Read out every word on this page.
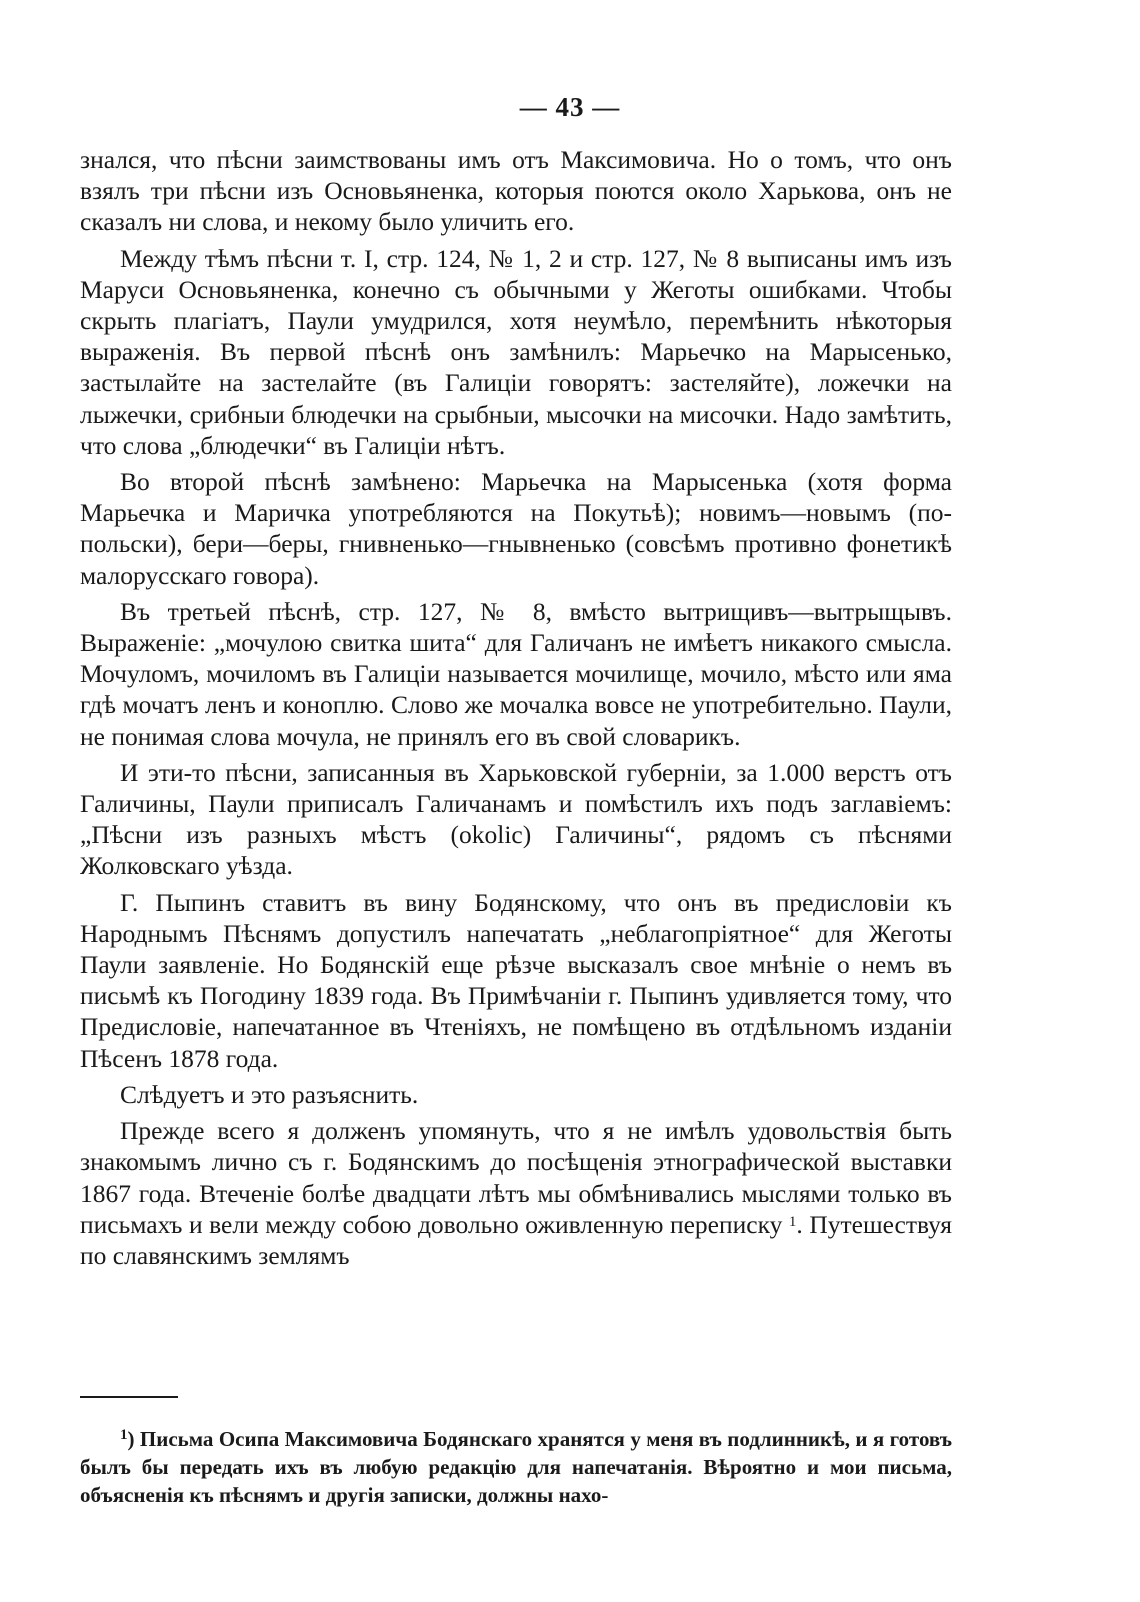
— 43 —

знался, что пѣсни заимствованы имъ отъ Максимовича. Но о томъ, что онъ взялъ три пѣсни изъ Основьяненка, которыя поются около Харькова, онъ не сказалъ ни слова, и некому было уличить его.

Между тѣмъ пѣсни т. I, стр. 124, № 1, 2 и стр. 127, № 8 выписаны имъ изъ Маруси Основьяненка, конечно съ обычными у Жеготы ошибками. Чтобы скрыть плагіатъ, Паули умудрился, хотя неумѣло, перемѣнить нѣкоторыя выраженія. Въ первой пѣснѣ онъ замѣнилъ: Марьечко на Марысенько, застылайте на застелайте (въ Галиціи говорятъ: застеляйте), ложечки на лыжечки, срибныи блюдечки на срыбныи, мысочки на мисочки. Надо замѣтить, что слова „блюдечки“ въ Галиціи нѣтъ.

Во второй пѣснѣ замѣнено: Марьечка на Марысенька (хотя форма Марьечка и Маричка употребляются на Покутьѣ); новимъ—новымъ (по-польски), бери—беры, гнивненько—гнывненько (совсѣмъ противно фонетикѣ малорусскаго говора).

Въ третьей пѣснѣ, стр. 127, № 8, вмѣсто вытрищивъ—вытрыщывъ. Выраженіе: „мочулою свитка шита“ для Галичанъ не имѣетъ никакого смысла. Мочуломъ, мочиломъ въ Галиціи называется мочилище, мочило, мѣсто или яма гдѣ мочатъ ленъ и коноплю. Слово же мочалка вовсе не употребительно. Паули, не понимая слова мочула, не принялъ его въ свой словарикъ.

И эти-то пѣсни, записанныя въ Харьковской губерніи, за 1.000 верстъ отъ Галичины, Паули приписалъ Галичанамъ и помѣстилъ ихъ подъ заглавіемъ: „Пѣсни изъ разныхъ мѣстъ (okolic) Галичины“, рядомъ съ пѣснями Жолковскаго уѣзда.

Г. Пыпинъ ставитъ въ вину Бодянскому, что онъ въ предисловіи къ Народнымъ Пѣснямъ допустилъ напечатать „неблагопріятное“ для Жеготы Паули заявленіе. Но Бодянскій еще рѣзче высказалъ свое мнѣніе о немъ въ письмѣ къ Погодину 1839 года. Въ Примѣчаніи г. Пыпинъ удивляется тому, что Предисловіе, напечатанное въ Чтеніяхъ, не помѣщено въ отдѣльномъ изданіи Пѣсенъ 1878 года.

Слѣдуетъ и это разъяснить.

Прежде всего я долженъ упомянуть, что я не имѣлъ удовольствія быть знакомымъ лично съ г. Бодянскимъ до посѣщенія этнографической выставки 1867 года. Втеченіе болѣе двадцати лѣтъ мы обмѣнивались мыслями только въ письмахъ и вели между собою довольно оживленную переписку $^1$. Путешествуя по славянскимъ землямъ

$^1$) Письма Осипа Максимовича Бодянскаго хранятся у меня въ подлинникѣ, и я готовъ былъ бы передать ихъ въ любую редакцію для напечатанія. Вѣроятно и мои письма, объясненія къ пѣснямъ и другія записки, должны нахо-
